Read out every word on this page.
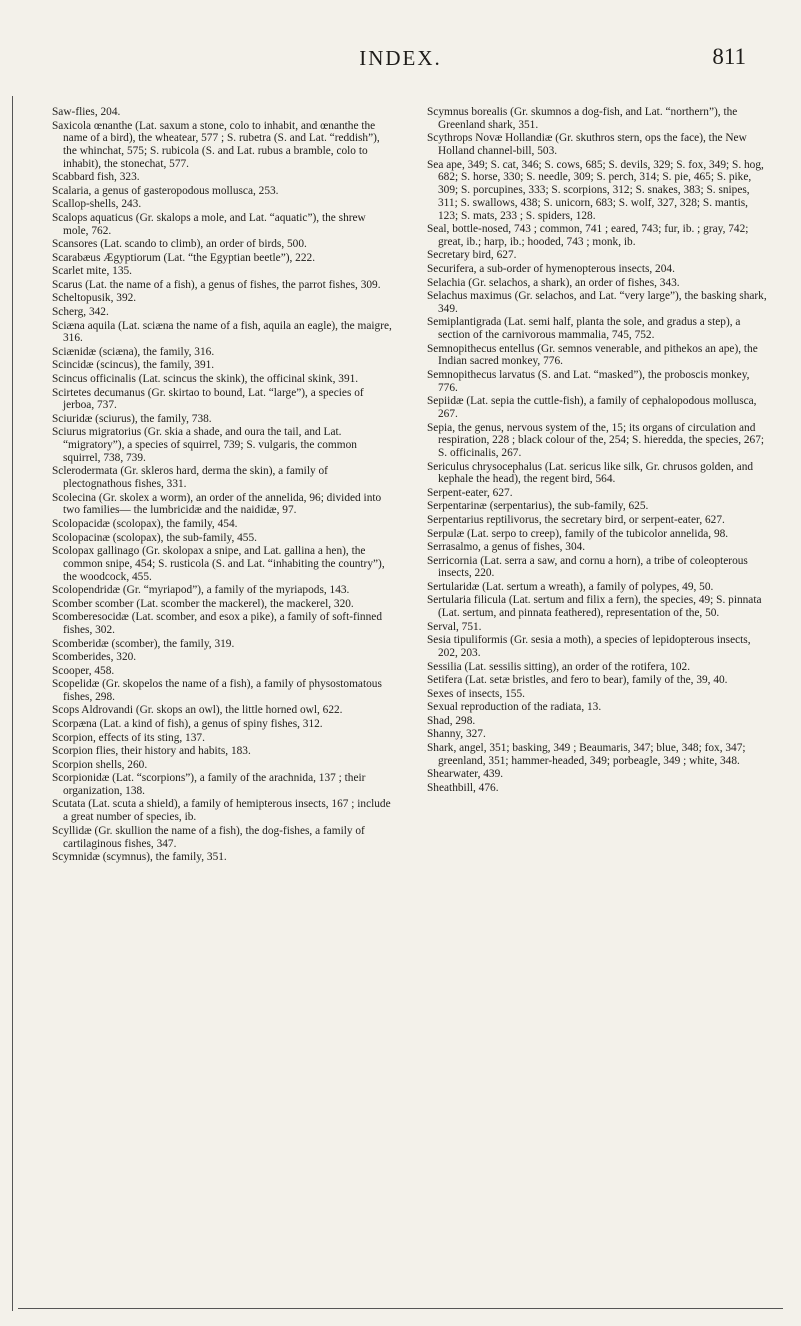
INDEX.	811

Saw-flies, 204.

Saxicola œnanthe (Lat. saxum a stone, colo to inhabit, and œnanthe the name of a bird), the wheatear, 577 ; S. rubetra (S. and Lat. “reddish”), the whinchat, 575; S. rubicola (S. and Lat. rubus a bramble, colo to inhabit), the stonechat, 577.

Scabbard fish, 323.

Scalaria, a genus of gasteropodous mollusca, 253.

Scallop-shells, 243.

Scalops aquaticus (Gr. skalops a mole, and Lat. “aquatic”), the shrew mole, 762.

Scansores (Lat. scando to climb), an order of birds, 500.

Scarabæus Ægyptiorum (Lat. “the Egyptian beetle”), 222.

Scarlet mite, 135.

Scarus (Lat. the name of a fish), a genus of fishes, the parrot fishes, 309.

Scheltopusik, 392.

Scherg, 342.

Sciæna aquila (Lat. sciæna the name of a fish, aquila an eagle), the maigre, 316.

Sciænidæ (sciæna), the family, 316.

Scincidæ (scincus), the family, 391.

Scincus officinalis (Lat. scincus the skink), the officinal skink, 391.

Scirtetes decumanus (Gr. skirtao to bound, Lat. “large”), a species of jerboa, 737.

Sciuridæ (sciurus), the family, 738.

Sciurus migratorius (Gr. skia a shade, and oura the tail, and Lat. “migratory”), a species of squirrel, 739; S. vulgaris, the common squirrel, 738, 739.

Sclerodermata (Gr. skleros hard, derma the skin), a family of plectognathous fishes, 331.

Scolecina (Gr. skolex a worm), an order of the annelida, 96; divided into two families— the lumbricidæ and the naididæ, 97.

Scolopacidæ (scolopax), the family, 454.

Scolopacinæ (scolopax), the sub-family, 455.

Scolopax gallinago (Gr. skolopax a snipe, and Lat. gallina a hen), the common snipe, 454; S. rusticola (S. and Lat. “inhabiting the country”), the woodcock, 455.

Scolopendridæ (Gr. “myriapod”), a family of the myriapods, 143.

Scomber scomber (Lat. scomber the mackerel), the mackerel, 320.

Scomberesocidæ (Lat. scomber, and esox a pike), a family of soft-finned fishes, 302.

Scomberidæ (scomber), the family, 319.

Scomberides, 320.

Scooper, 458.

Scopelidæ (Gr. skopelos the name of a fish), a family of physostomatous fishes, 298.

Scops Aldrovandi (Gr. skops an owl), the little horned owl, 622.

Scorpæna (Lat. a kind of fish), a genus of spiny fishes, 312.

Scorpion, effects of its sting, 137.

Scorpion flies, their history and habits, 183.

Scorpion shells, 260.

Scorpionidæ (Lat. “scorpions”), a family of the arachnida, 137 ; their organization, 138.

Scutata (Lat. scuta a shield), a family of hemipterous insects, 167 ; include a great number of species, ib.

Scyllidæ (Gr. skullion the name of a fish), the dog-fishes, a family of cartilaginous fishes, 347.

Scymnidæ (scymnus), the family, 351.

Scymnus borealis (Gr. skumnos a dog-fish, and Lat. “northern”), the Greenland shark, 351.

Scythrops Novæ Hollandiæ (Gr. skuthros stern, ops the face), the New Holland channel-bill, 503.

Sea ape, 349; S. cat, 346; S. cows, 685; S. devils, 329; S. fox, 349; S. hog, 682; S. horse, 330; S. needle, 309; S. perch, 314; S. pie, 465; S. pike, 309; S. porcupines, 333; S. scorpions, 312; S. snakes, 383; S. snipes, 311; S. swallows, 438; S. unicorn, 683; S. wolf, 327, 328; S. mantis, 123; S. mats, 233 ; S. spiders, 128.

Seal, bottle-nosed, 743 ; common, 741 ; eared, 743; fur, ib. ; gray, 742; great, ib.; harp, ib.; hooded, 743 ; monk, ib.

Secretary bird, 627.

Securifera, a sub-order of hymenopterous insects, 204.

Selachia (Gr. selachos, a shark), an order of fishes, 343.

Selachus maximus (Gr. selachos, and Lat. “very large”), the basking shark, 349.

Semiplantigrada (Lat. semi half, planta the sole, and gradus a step), a section of the carnivorous mammalia, 745, 752.

Semnopithecus entellus (Gr. semnos venerable, and pithekos an ape), the Indian sacred monkey, 776.

Semnopithecus larvatus (S. and Lat. “masked”), the proboscis monkey, 776.

Sepiidæ (Lat. sepia the cuttle-fish), a family of cephalopodous mollusca, 267.

Sepia, the genus, nervous system of the, 15; its organs of circulation and respiration, 228 ; black colour of the, 254; S. hieredda, the species, 267; S. officinalis, 267.

Sericulus chrysocephalus (Lat. sericus like silk, Gr. chrusos golden, and kephale the head), the regent bird, 564.

Serpent-eater, 627.

Serpentarinæ (serpentarius), the sub-family, 625.

Serpentarius reptilivorus, the secretary bird, or serpent-eater, 627.

Serpulæ (Lat. serpo to creep), family of the tubicolor annelida, 98.

Serrasalmo, a genus of fishes, 304.

Serricornia (Lat. serra a saw, and cornu a horn), a tribe of coleopterous insects, 220.

Sertularidæ (Lat. sertum a wreath), a family of polypes, 49, 50.

Sertularia filicula (Lat. sertum and filix a fern), the species, 49; S. pinnata (Lat. sertum, and pinnata feathered), representation of the, 50.

Serval, 751.

Sesia tipuliformis (Gr. sesia a moth), a species of lepidopterous insects, 202, 203.

Sessilia (Lat. sessilis sitting), an order of the rotifera, 102.

Setifera (Lat. setæ bristles, and fero to bear), family of the, 39, 40.

Sexes of insects, 155.

Sexual reproduction of the radiata, 13.

Shad, 298.

Shanny, 327.

Shark, angel, 351; basking, 349 ; Beaumaris, 347; blue, 348; fox, 347; greenland, 351; hammer-headed, 349; porbeagle, 349 ; white, 348.

Shearwater, 439.

Sheathbill, 476.
